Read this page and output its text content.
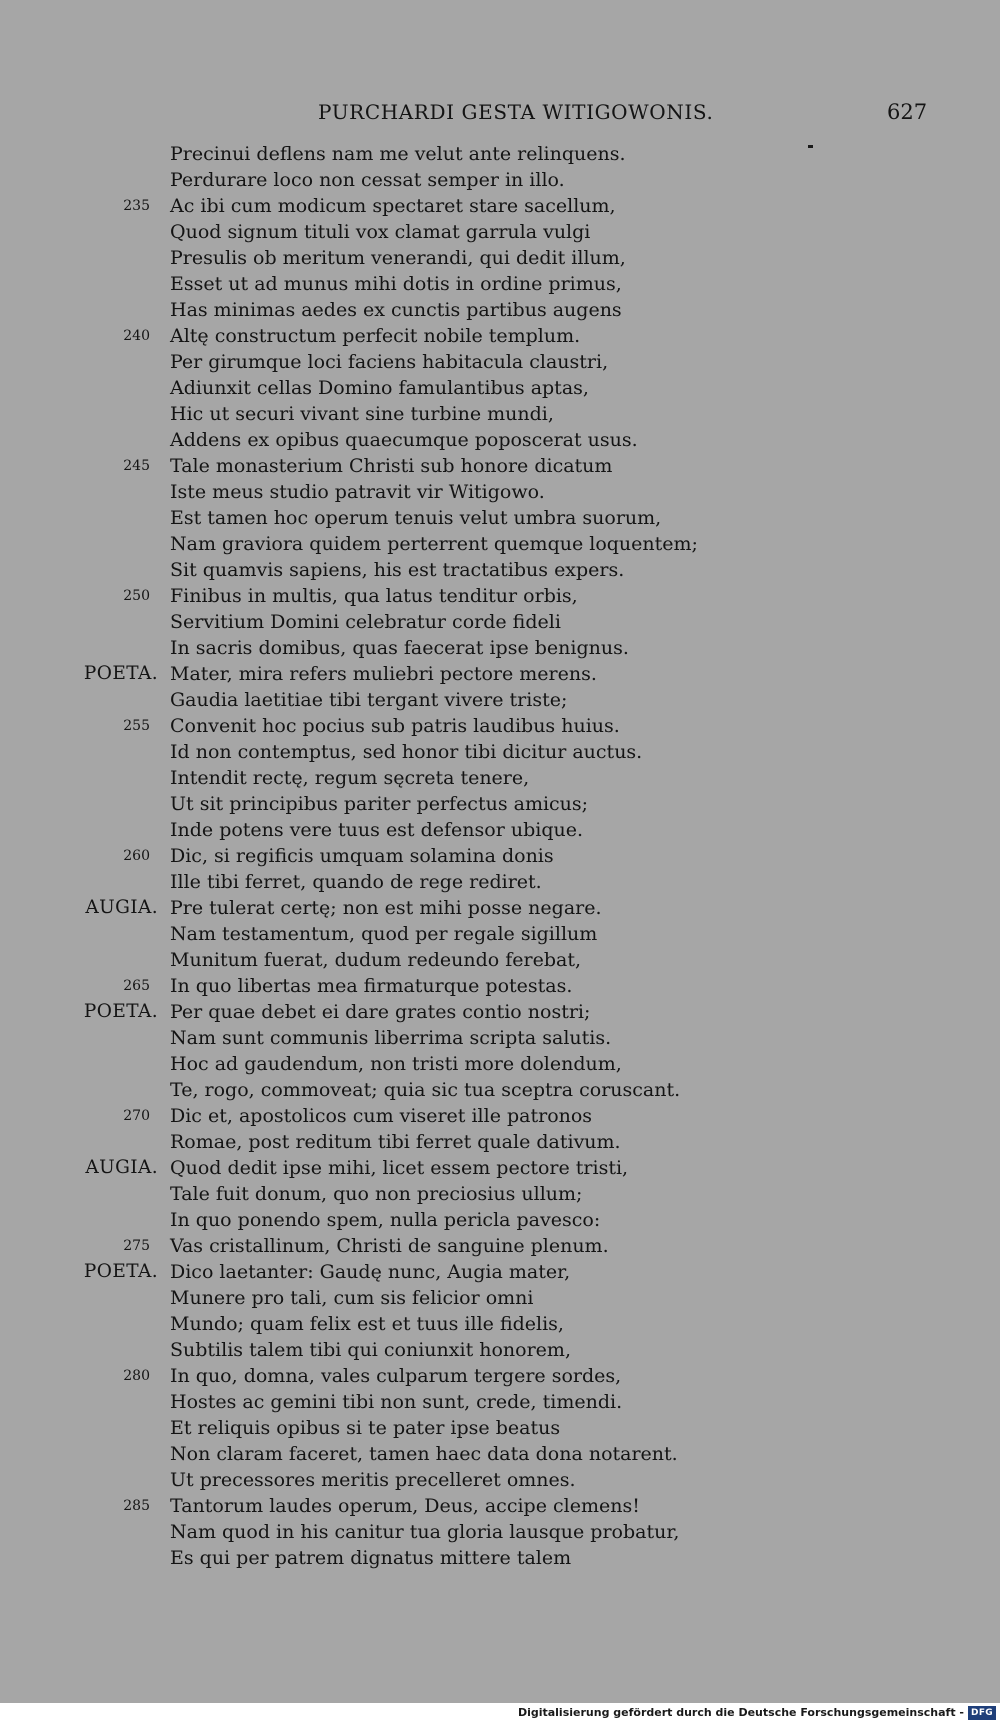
PURCHARDI GESTA WITIGOWONIS.	627
Precinui deflens nam me velut ante relinquens.
Perdurare loco non cessat semper in illo.
235 Ac ibi cum modicum spectaret stare sacellum,
Quod signum tituli vox clamat garrula vulgi
Presulis ob meritum venerandi, qui dedit illum,
Esset ut ad munus mihi dotis in ordine primus,
Has minimas aedes ex cunctis partibus augens
240 Altę constructum perfecit nobile templum.
Per girumque loci faciens habitacula claustri,
Adiunxit cellas Domino famulantibus aptas,
Hic ut securi vivant sine turbine mundi,
Addens ex opibus quaecumque poposcerat usus.
245 Tale monasterium Christi sub honore dicatum
Iste meus studio patravit vir Witigowo.
Est tamen hoc operum tenuis velut umbra suorum,
Nam graviora quidem perterrent quemque loquentem;
Sit quamvis sapiens, his est tractatibus expers.
250 Finibus in multis, qua latus tenditur orbis,
Servitium Domini celebratur corde fideli
In sacris domibus, quas faecerat ipse benignus.
POETA. Mater, mira refers muliebri pectore merens.
Gaudia laetitiae tibi tergant vivere triste;
255 Convenit hoc pocius sub patris laudibus huius.
Id non contemptus, sed honor tibi dicitur auctus.
Intendit rectę, regum sęcreta tenere,
Ut sit principibus pariter perfectus amicus;
Inde potens vere tuus est defensor ubique.
260 Dic, si regificis umquam solamina donis
Ille tibi ferret, quando de rege rediret.
AUGIA. Pre tulerat certę; non est mihi posse negare.
Nam testamentum, quod per regale sigillum
Munitum fuerat, dudum redeundo ferebat,
265 In quo libertas mea firmaturque potestas.
POETA. Per quae debet ei dare grates contio nostri;
Nam sunt communis liberrima scripta salutis.
Hoc ad gaudendum, non tristi more dolendum,
Te, rogo, commoveat; quia sic tua sceptra coruscant.
270 Dic et, apostolicos cum viseret ille patronos
Romae, post reditum tibi ferret quale dativum.
AUGIA. Quod dedit ipse mihi, licet essem pectore tristi,
Tale fuit donum, quo non preciosius ullum;
In quo ponendo spem, nulla pericla pavesco:
275 Vas cristallinum, Christi de sanguine plenum.
POETA. Dico laetanter: Gaudę nunc, Augia mater,
Munere pro tali, cum sis felicior omni
Mundo; quam felix est et tuus ille fidelis,
Subtilis talem tibi qui coniunxit honorem,
280 In quo, domna, vales culparum tergere sordes,
Hostes ac gemini tibi non sunt, crede, timendi.
Et reliquis opibus si te pater ipse beatus
Non claram faceret, tamen haec data dona notarent.
Ut precessores meritis precelleret omnes.
285 Tantorum laudes operum, Deus, accipe clemens!
Nam quod in his canitur tua gloria lausque probatur,
Es qui per patrem dignatus mittere talem
Digitalisierung gefördert durch die Deutsche Forschungsgemeinschaft - DFG
